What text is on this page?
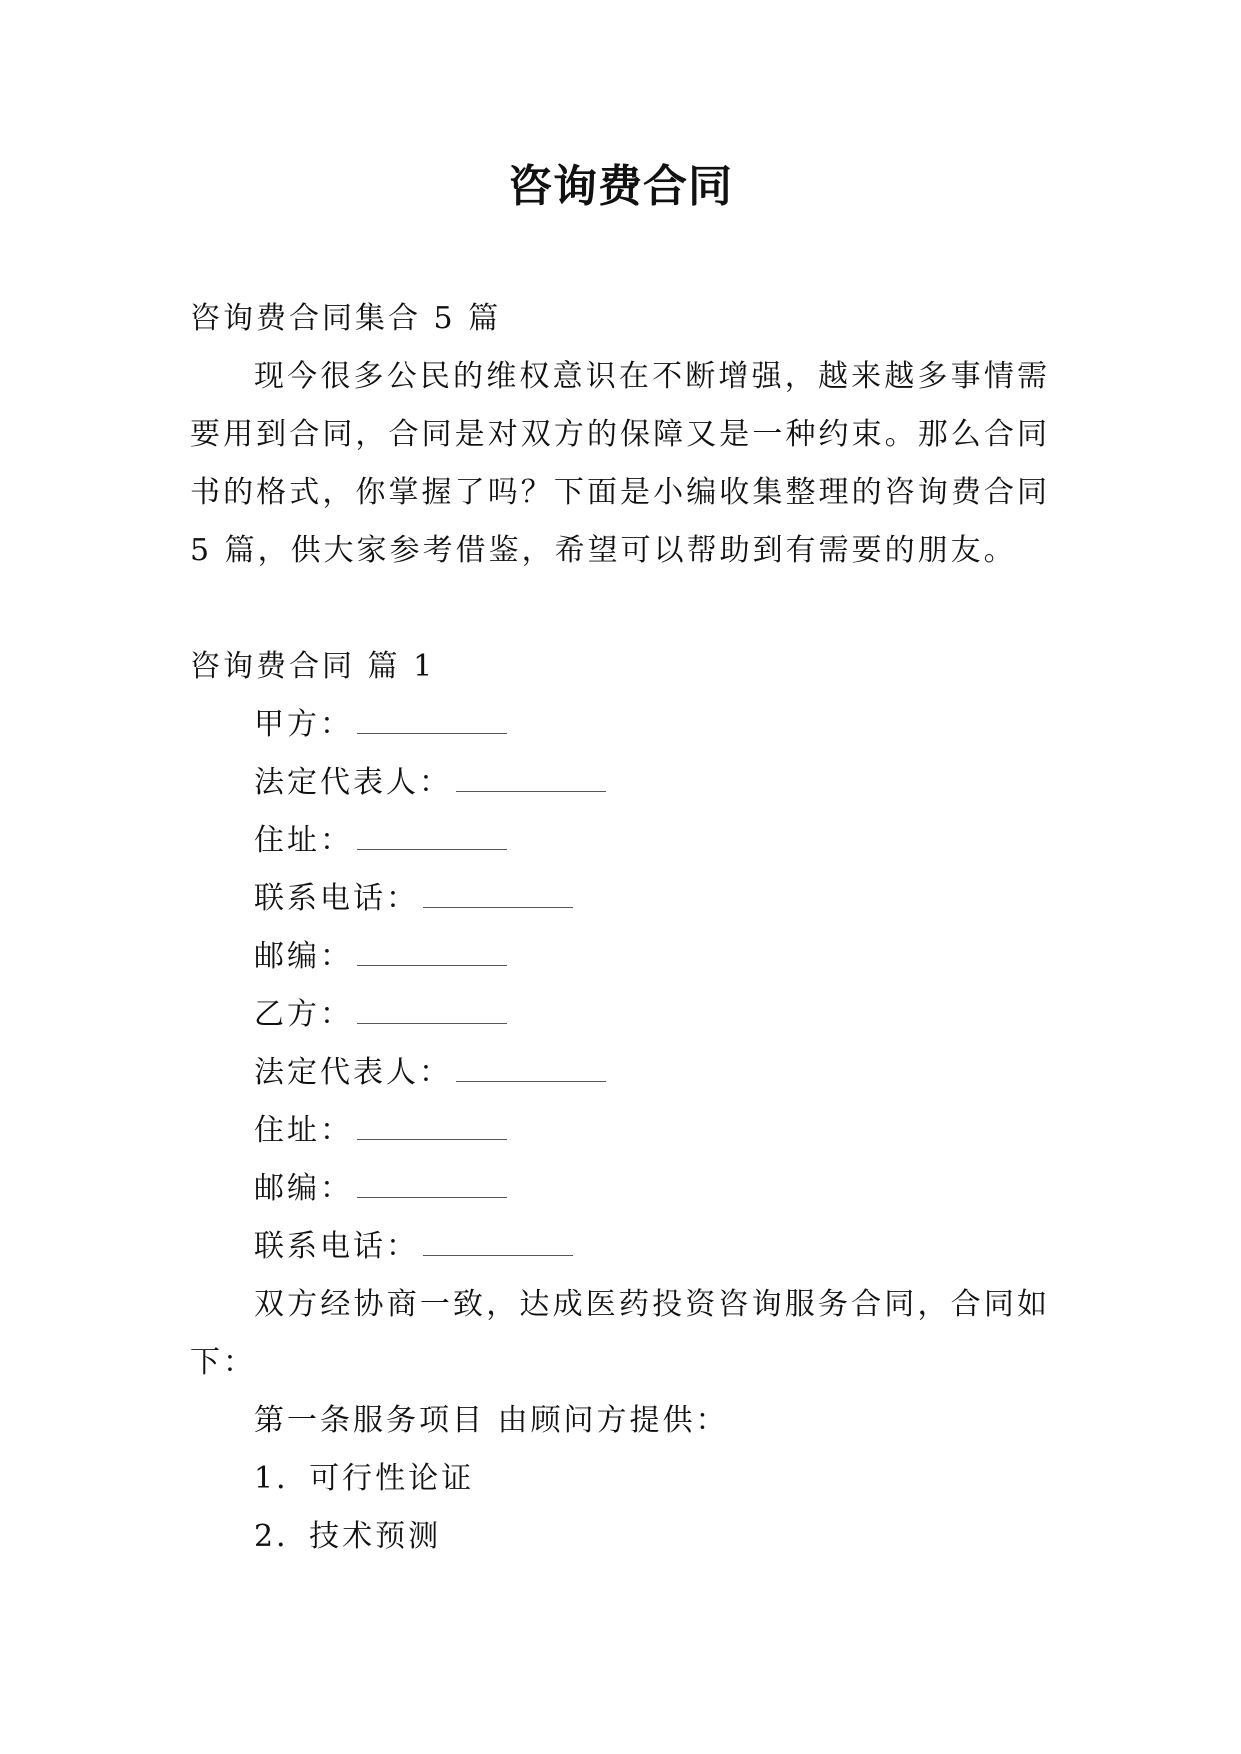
咨询费合同

咨询费合同集合 5 篇

现今很多公民的维权意识在不断增强，越来越多事情需要用到合同，合同是对双方的保障又是一种约束。那么合同书的格式，你掌握了吗？下面是小编收集整理的咨询费合同 5 篇，供大家参考借鉴，希望可以帮助到有需要的朋友。

咨询费合同 篇 1

甲方：

法定代表人：

住址：

联系电话：

邮编：

乙方：

法定代表人：

住址：

邮编：

联系电话：

双方经协商一致，达成医药投资咨询服务合同，合同如下：

第一条服务项目 由顾问方提供：

1．可行性论证

2．技术预测
